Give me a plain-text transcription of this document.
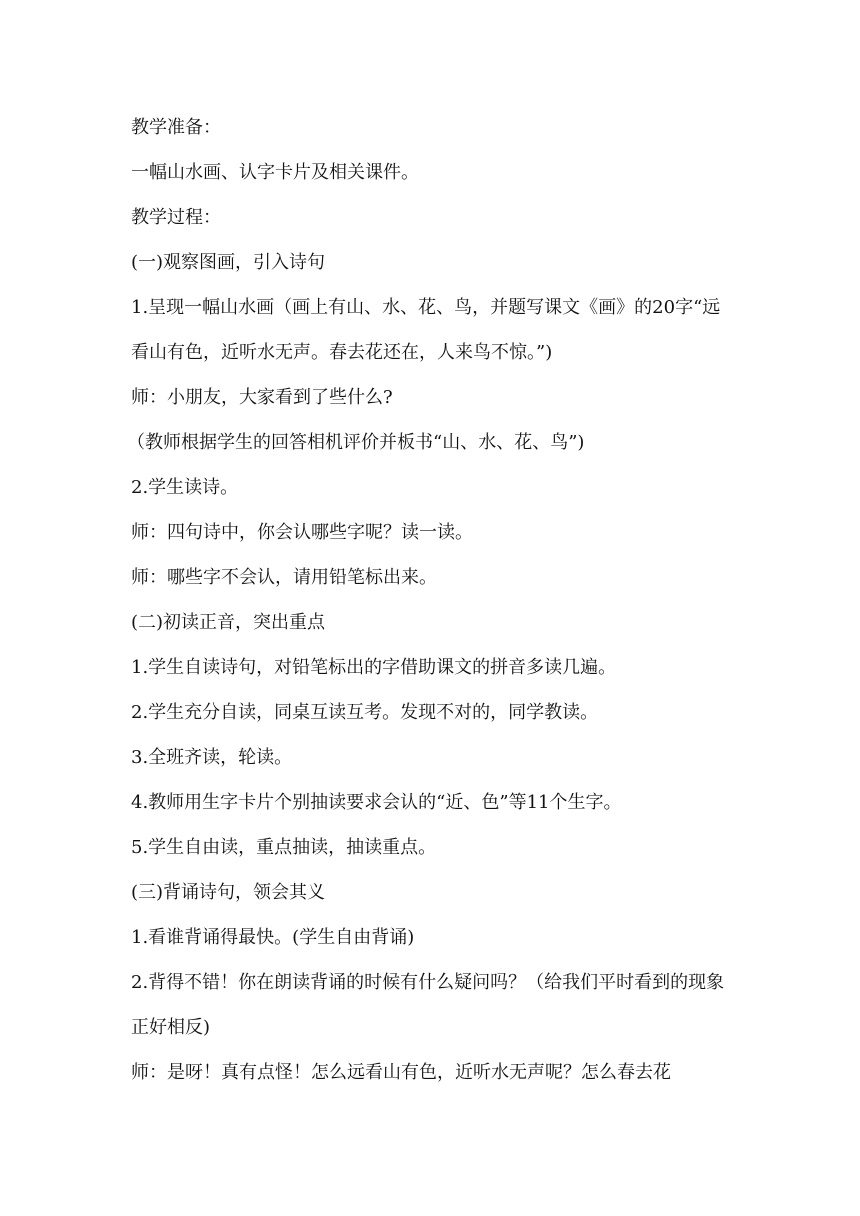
教学准备：
一幅山水画、认字卡片及相关课件。
教学过程：
(一)观察图画，引入诗句
1.呈现一幅山水画（画上有山、水、花、鸟，并题写课文《画》的20字“远看山有色，近听水无声。春去花还在，人来鸟不惊。”)
师：小朋友，大家看到了些什么?
（教师根据学生的回答相机评价并板书“山、水、花、鸟”)
2.学生读诗。
师：四句诗中，你会认哪些字呢？读一读。
师：哪些字不会认，请用铅笔标出来。
(二)初读正音，突出重点
1.学生自读诗句，对铅笔标出的字借助课文的拼音多读几遍。
2.学生充分自读，同桌互读互考。发现不对的，同学教读。
3.全班齐读，轮读。
4.教师用生字卡片个别抽读要求会认的“近、色”等11个生字。
5.学生自由读，重点抽读，抽读重点。
(三)背诵诗句，领会其义
1.看谁背诵得最快。(学生自由背诵)
2.背得不错！你在朗读背诵的时候有什么疑问吗？（给我们平时看到的现象正好相反)
师：是呀！真有点怪！怎么远看山有色，近听水无声呢？怎么春去花
